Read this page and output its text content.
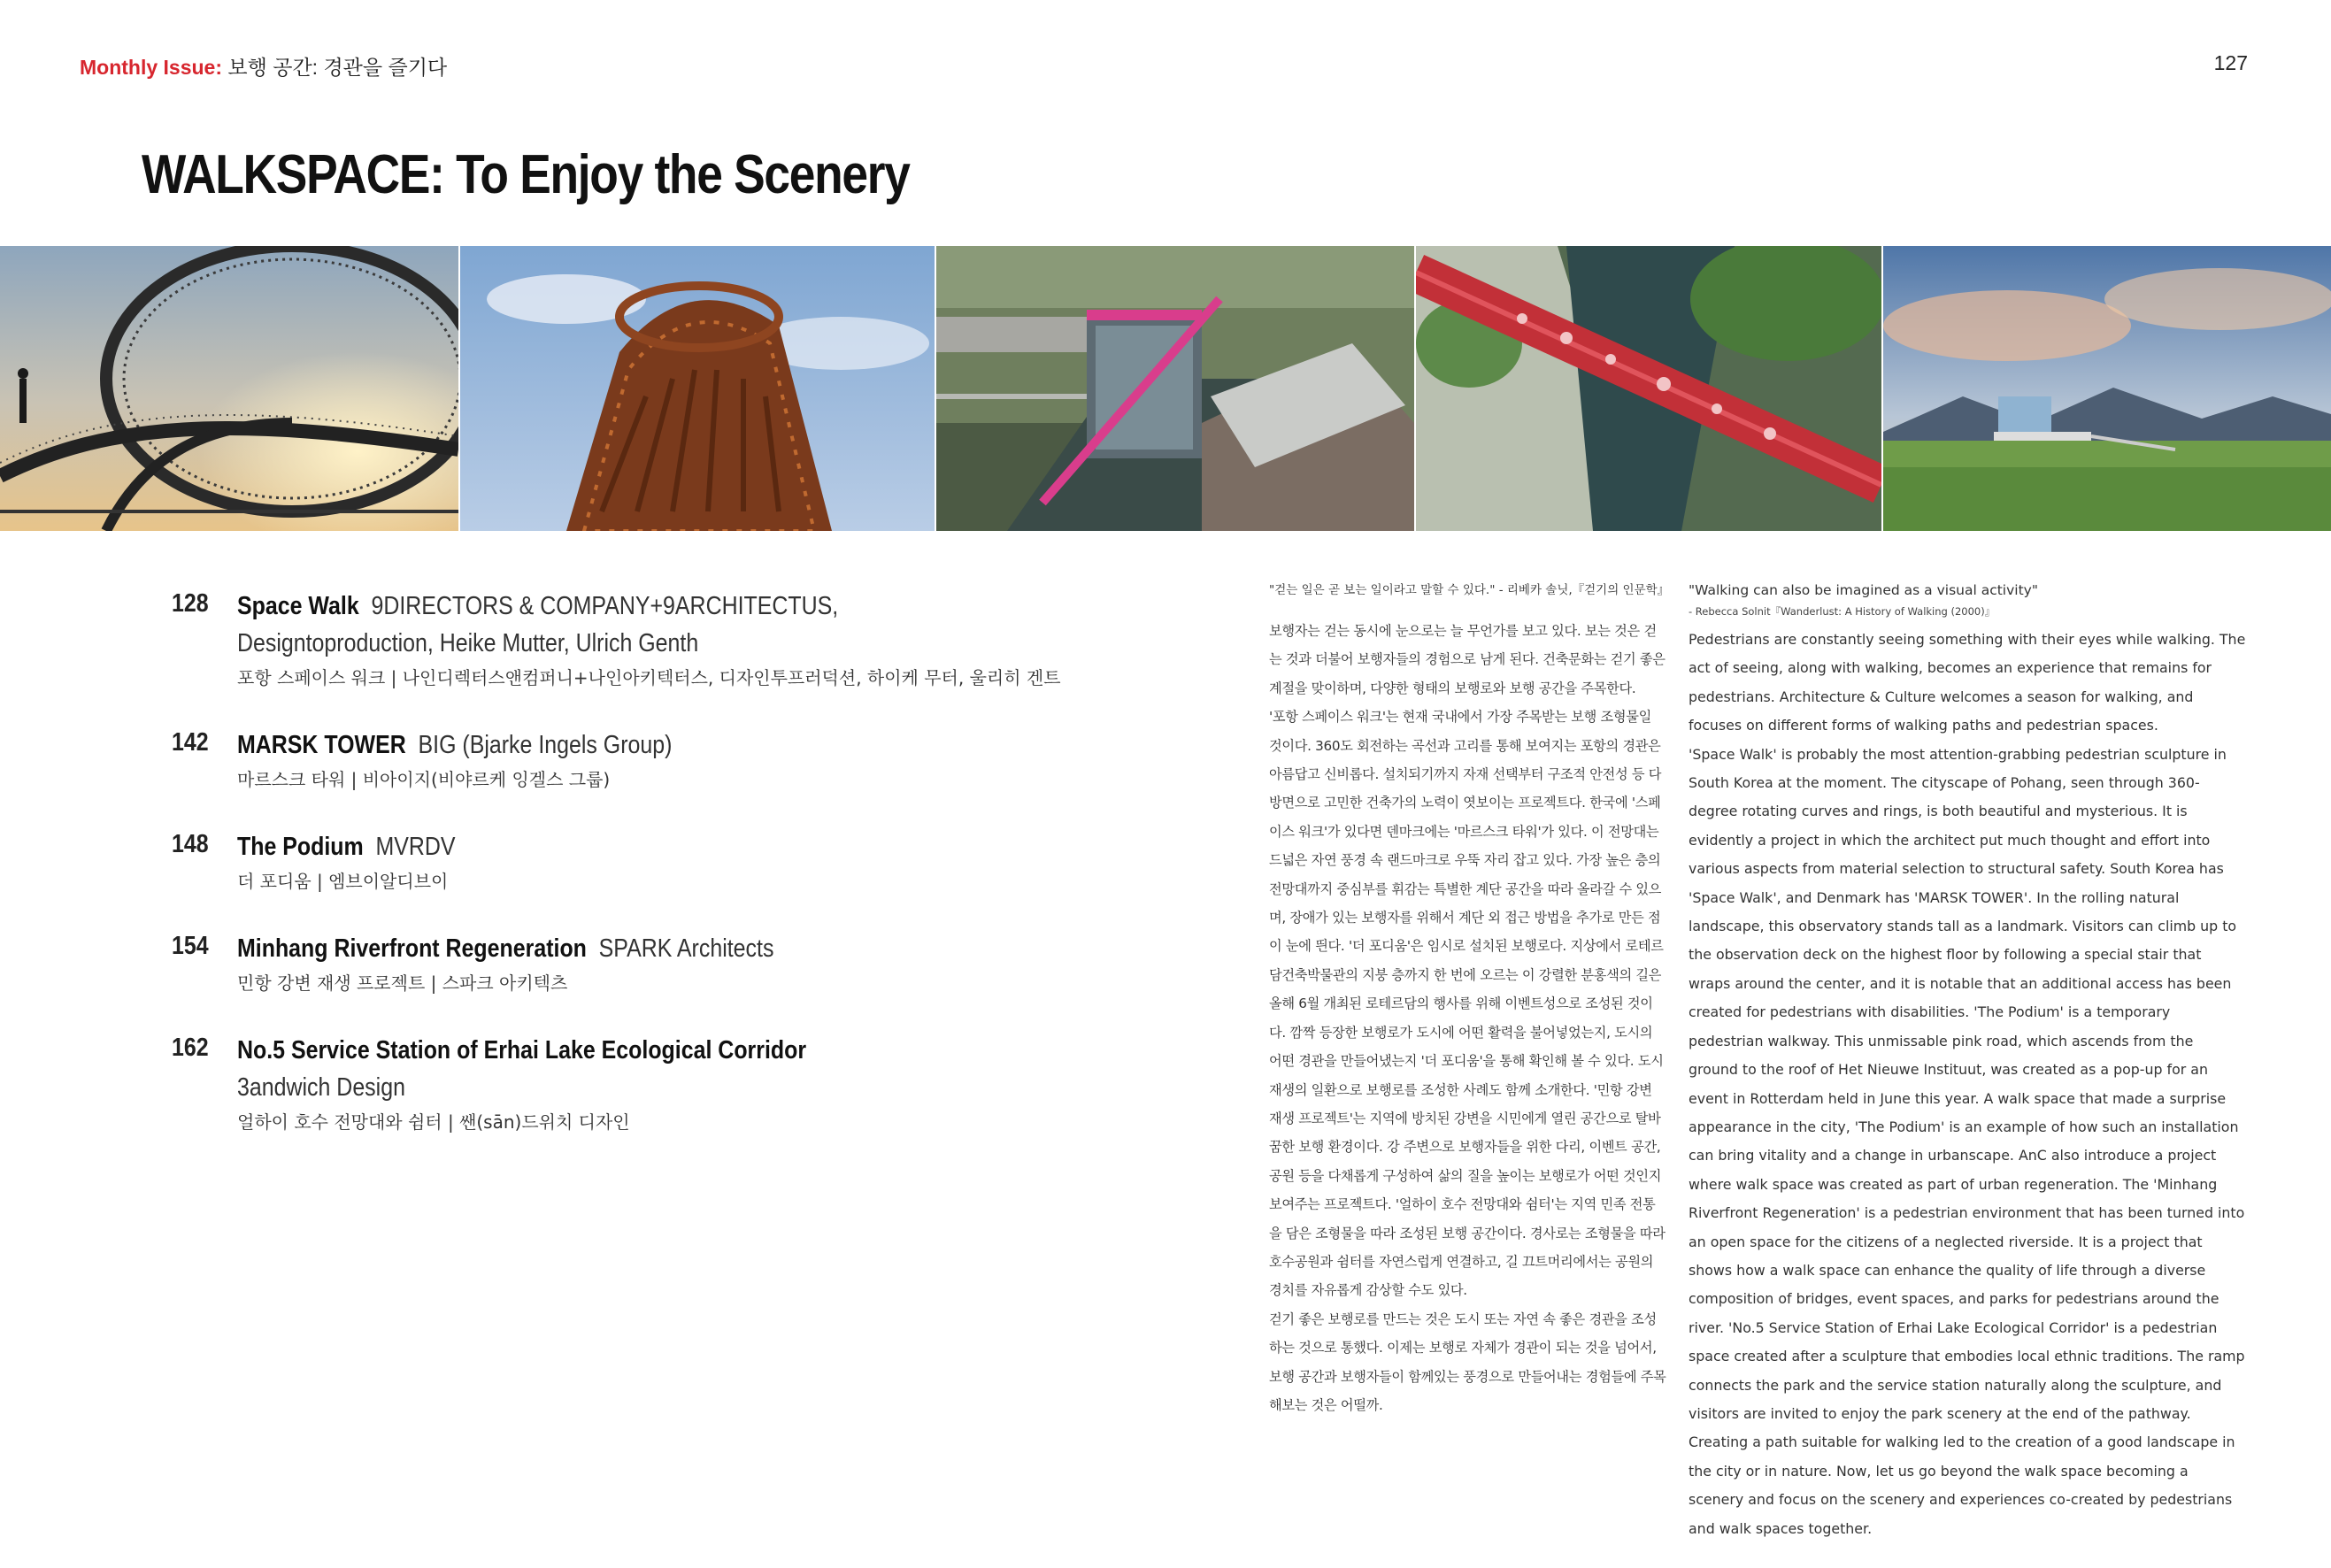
Monthly Issue: 보행 공간: 경관을 즐기다	127
WALKSPACE: To Enjoy the Scenery
128 Space Walk 9DIRECTORS & COMPANY+9ARCHITECTUS,
Designtoproduction, Heike Mutter, Ulrich Genth
포항 스페이스 워크 | 나인디렉터스앤컴퍼니+나인아키텍터스, 디자인투프러덕션, 하이케 무터, 울리히 겐트
142 MARSK TOWER BIG (Bjarke Ingels Group)
마르스크 타워 | 비아이지(비야르케 잉겔스 그룹)
148 The Podium MVRDV
더 포디움 | 엠브이알디브이
154 Minhang Riverfront Regeneration SPARK Architects
민항 강변 재생 프로젝트 | 스파크 아키텍츠
162 No.5 Service Station of Erhai Lake Ecological Corridor
3andwich Design
얼하이 호수 전망대와 쉼터 | 쌘(sān)드위치 디자인
"걷는 일은 곧 보는 일이라고 말할 수 있다." - 리베카 솔닛,『걷기의 인문학』
보행자는 걷는 동시에 눈으로는 늘 무언가를 보고 있다. 보는 것은 걷는 것과 더불어 보행자들의 경험으로 남게 된다. 건축문화는 걷기 좋은 계절을 맞이하며, 다양한 형태의 보행로와 보행 공간을 주목한다.
'포항 스페이스 워크'는 현재 국내에서 가장 주목받는 보행 조형물일 것이다. 360도 회전하는 곡선과 고리를 통해 보여지는 포항의 경관은 아름답고 신비롭다. 설치되기까지 자재 선택부터 구조적 안전성 등 다방면으로 고민한 건축가의 노력이 엿보이는 프로젝트다. 한국에 '스페이스 워크'가 있다면 덴마크에는 '마르스크 타워'가 있다. 이 전망대는 드넓은 자연 풍경 속 랜드마크로 우뚝 자리 잡고 있다. 가장 높은 층의 전망대까지 중심부를 휘감는 특별한 계단 공간을 따라 올라갈 수 있으며, 장애가 있는 보행자를 위해서 계단 외 접근 방법을 추가로 만든 점이 눈에 띈다. '더 포디움'은 임시로 설치된 보행로다. 지상에서 로테르담건축박물관의 지붕 층까지 한 번에 오르는 이 강렬한 분홍색의 길은 올해 6월 개최된 로테르담의 행사를 위해 이벤트성으로 조성된 것이다. 깜짝 등장한 보행로가 도시에 어떤 활력을 불어넣었는지, 도시의 어떤 경관을 만들어냈는지 '더 포디움'을 통해 확인해 볼 수 있다. 도시 재생의 일환으로 보행로를 조성한 사례도 함께 소개한다. '민항 강변 재생 프로젝트'는 지역에 방치된 강변을 시민에게 열린 공간으로 탈바꿈한 보행 환경이다. 강 주변으로 보행자들을 위한 다리, 이벤트 공간, 공원 등을 다채롭게 구성하여 삶의 질을 높이는 보행로가 어떤 것인지 보여주는 프로젝트다. '얼하이 호수 전망대와 쉼터'는 지역 민족 전통을 담은 조형물을 따라 조성된 보행 공간이다. 경사로는 조형물을 따라 호수공원과 쉼터를 자연스럽게 연결하고, 길 끄트머리에서는 공원의 경치를 자유롭게 감상할 수도 있다.
걷기 좋은 보행로를 만드는 것은 도시 또는 자연 속 좋은 경관을 조성하는 것으로 통했다. 이제는 보행로 자체가 경관이 되는 것을 넘어서, 보행 공간과 보행자들이 함께있는 풍경으로 만들어내는 경험들에 주목해보는 것은 어떨까.
"Walking can also be imagined as a visual activity"
- Rebecca Solnit『Wanderlust: A History of Walking (2000)』
Pedestrians are constantly seeing something with their eyes while walking. The act of seeing, along with walking, becomes an experience that remains for pedestrians. Architecture & Culture welcomes a season for walking, and focuses on different forms of walking paths and pedestrian spaces.
'Space Walk' is probably the most attention-grabbing pedestrian sculpture in South Korea at the moment. The cityscape of Pohang, seen through 360-degree rotating curves and rings, is both beautiful and mysterious. It is evidently a project in which the architect put much thought and effort into various aspects from material selection to structural safety. South Korea has 'Space Walk', and Denmark has 'MARSK TOWER'. In the rolling natural landscape, this observatory stands tall as a landmark. Visitors can climb up to the observation deck on the highest floor by following a special stair that wraps around the center, and it is notable that an additional access has been created for pedestrians with disabilities. 'The Podium' is a temporary pedestrian walkway. This unmissable pink road, which ascends from the ground to the roof of Het Nieuwe Instituut, was created as a pop-up for an event in Rotterdam held in June this year. A walk space that made a surprise appearance in the city, 'The Podium' is an example of how such an installation can bring vitality and a change in urbanscape. AnC also introduce a project where walk space was created as part of urban regeneration. The 'Minhang Riverfront Regeneration' is a pedestrian environment that has been turned into an open space for the citizens of a neglected riverside. It is a project that shows how a walk space can enhance the quality of life through a diverse composition of bridges, event spaces, and parks for pedestrians around the river. 'No.5 Service Station of Erhai Lake Ecological Corridor' is a pedestrian space created after a sculpture that embodies local ethnic traditions. The ramp connects the park and the service station naturally along the sculpture, and visitors are invited to enjoy the park scenery at the end of the pathway.
Creating a path suitable for walking led to the creation of a good landscape in the city or in nature. Now, let us go beyond the walk space becoming a scenery and focus on the scenery and experiences co-created by pedestrians and walk spaces together.
